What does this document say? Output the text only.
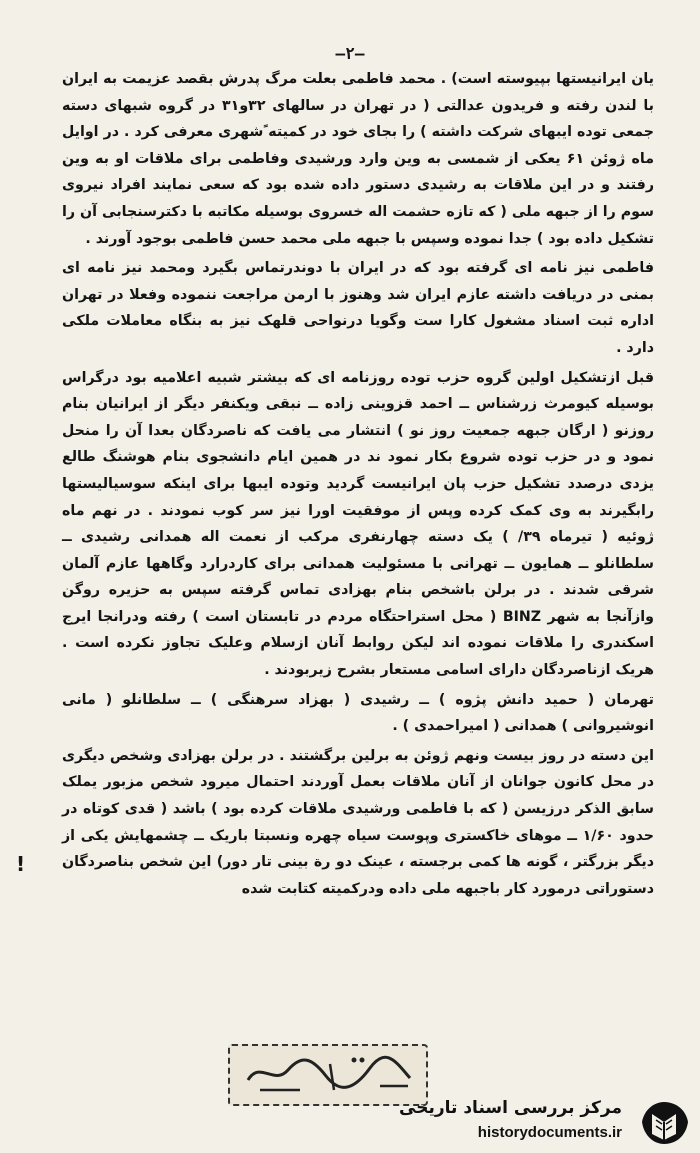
—۲—

یان ایرانیستها بپیوسته است) . محمد فاطمی بعلت مرگ پدرش بقصد عزیمت به ایران با لندن رفته و فریدون عدالتی ( در تهران در سالهای ۳۲و۳۱ در گروه شبهای دسته جمعی توده ایبهای شرکت داشته ) را بجای خود در کمیته ًشهری معرفی کرد . در اوایل ماه ژوئن ۶۱ یعکی از شمسی به وین وارد ورشیدی وفاطمی برای ملاقات او به وین رفتند و در این ملاقات به رشیدی دستور داده شده بود که سعی نمایند افراد نیروی سوم را از جبهه ملی ( که تازه حشمت اله خسروی بوسیله مکاتبه با دکترسنجابی آن را تشکیل داده بود ) جدا نموده وسپس با جبهه ملی محمد حسن فاطمی بوجود آورند .

فاطمی نیز نامه ای گرفته بود که در ایران با دوندرتماس بگیرد ومحمد نیز نامه ای بمنی در دریافت داشته عازم ایران شد وهنوز با ارمن مراجعت ننموده وفعلا در تهران اداره ثبت اسناد مشغول کارا ست وگویا درنواحی قلهک نیز به بنگاه معاملات ملکی دارد .

قبل ازتشکیل اولین گروه حزب توده روزنامه ای که بیشتر شبیه اعلامیه بود درگراس بوسیله کیومرث زرشناس ــ احمد قزوینی زاده ــ نبقی ویکنفر دیگر از ایرانیان بنام روزنو ( ارگان جبهه جمعیت روز نو ) انتشار می یافت که ناصردگان بعدا آن را منحل نمود و در حزب توده شروع بکار نمود ند در همین ایام دانشجوی بنام هوشنگ طالع یزدی درصدد تشکیل حزب پان ایرانیست گردید وتوده ایبها برای اینکه سوسیالیستها رابگیرند به وی کمک کرده وپس از موفقیت اورا نیز سر کوب نمودند . در نهم ماه ژوئیه ( تیرماه ۳۹/ ) یک دسته چهارنفری مرکب از نعمت اله همدانی رشیدی ــ سلطانلو ــ همایون ــ تهرانی با مسئولیت همدانی برای کاردرارد وگاهها عازم آلمان شرقی شدند . در برلن باشخص بنام بهزادی تماس گرفته سپس به حزیره روگن وازآنجا به شهر BINZ ( محل استراحتگاه مردم در تابستان است ) رفته ودرانجا ایرج اسکندری را ملاقات نموده اند لیکن روابط آنان ازسلام وعلیک تجاوز نکرده است . هریک ازناصردگان دارای اسامی مستعار بشرح زیربودند .

تهرمان ( حمید دانش پژوه ) ــ رشیدی ( بهزاد سرهنگی ) ــ سلطانلو ( مانی انوشیروانی ) همدانی ( امیراحمدی ) .

این دسته در روز بیست ونهم ژوئن به برلین برگشتند . در برلن بهزادی وشخص دیگری در محل کانون جوانان از آنان ملاقات بعمل آوردند احتمال میرود شخص مزبور یملک سابق الذکر درزیسن ( که با فاطمی ورشیدی ملاقات کرده بود ) باشد ( قدی کوتاه در حدود ۱/۶۰ ــ موهای خاکستری وپوست سیاه چهره ونسبتا باریک ــ چشمهایش یکی از دیگر بزرگتر ، گونه ها کمی برجسته ، عینک دو رة بینی تار دور) این شخص بناصردگان دستوراتی درمورد کار باجبهه ملی داده ودرکمیته کتابت شده

!
مرکز بررسی اسناد تاریخی
historydocuments.ir
